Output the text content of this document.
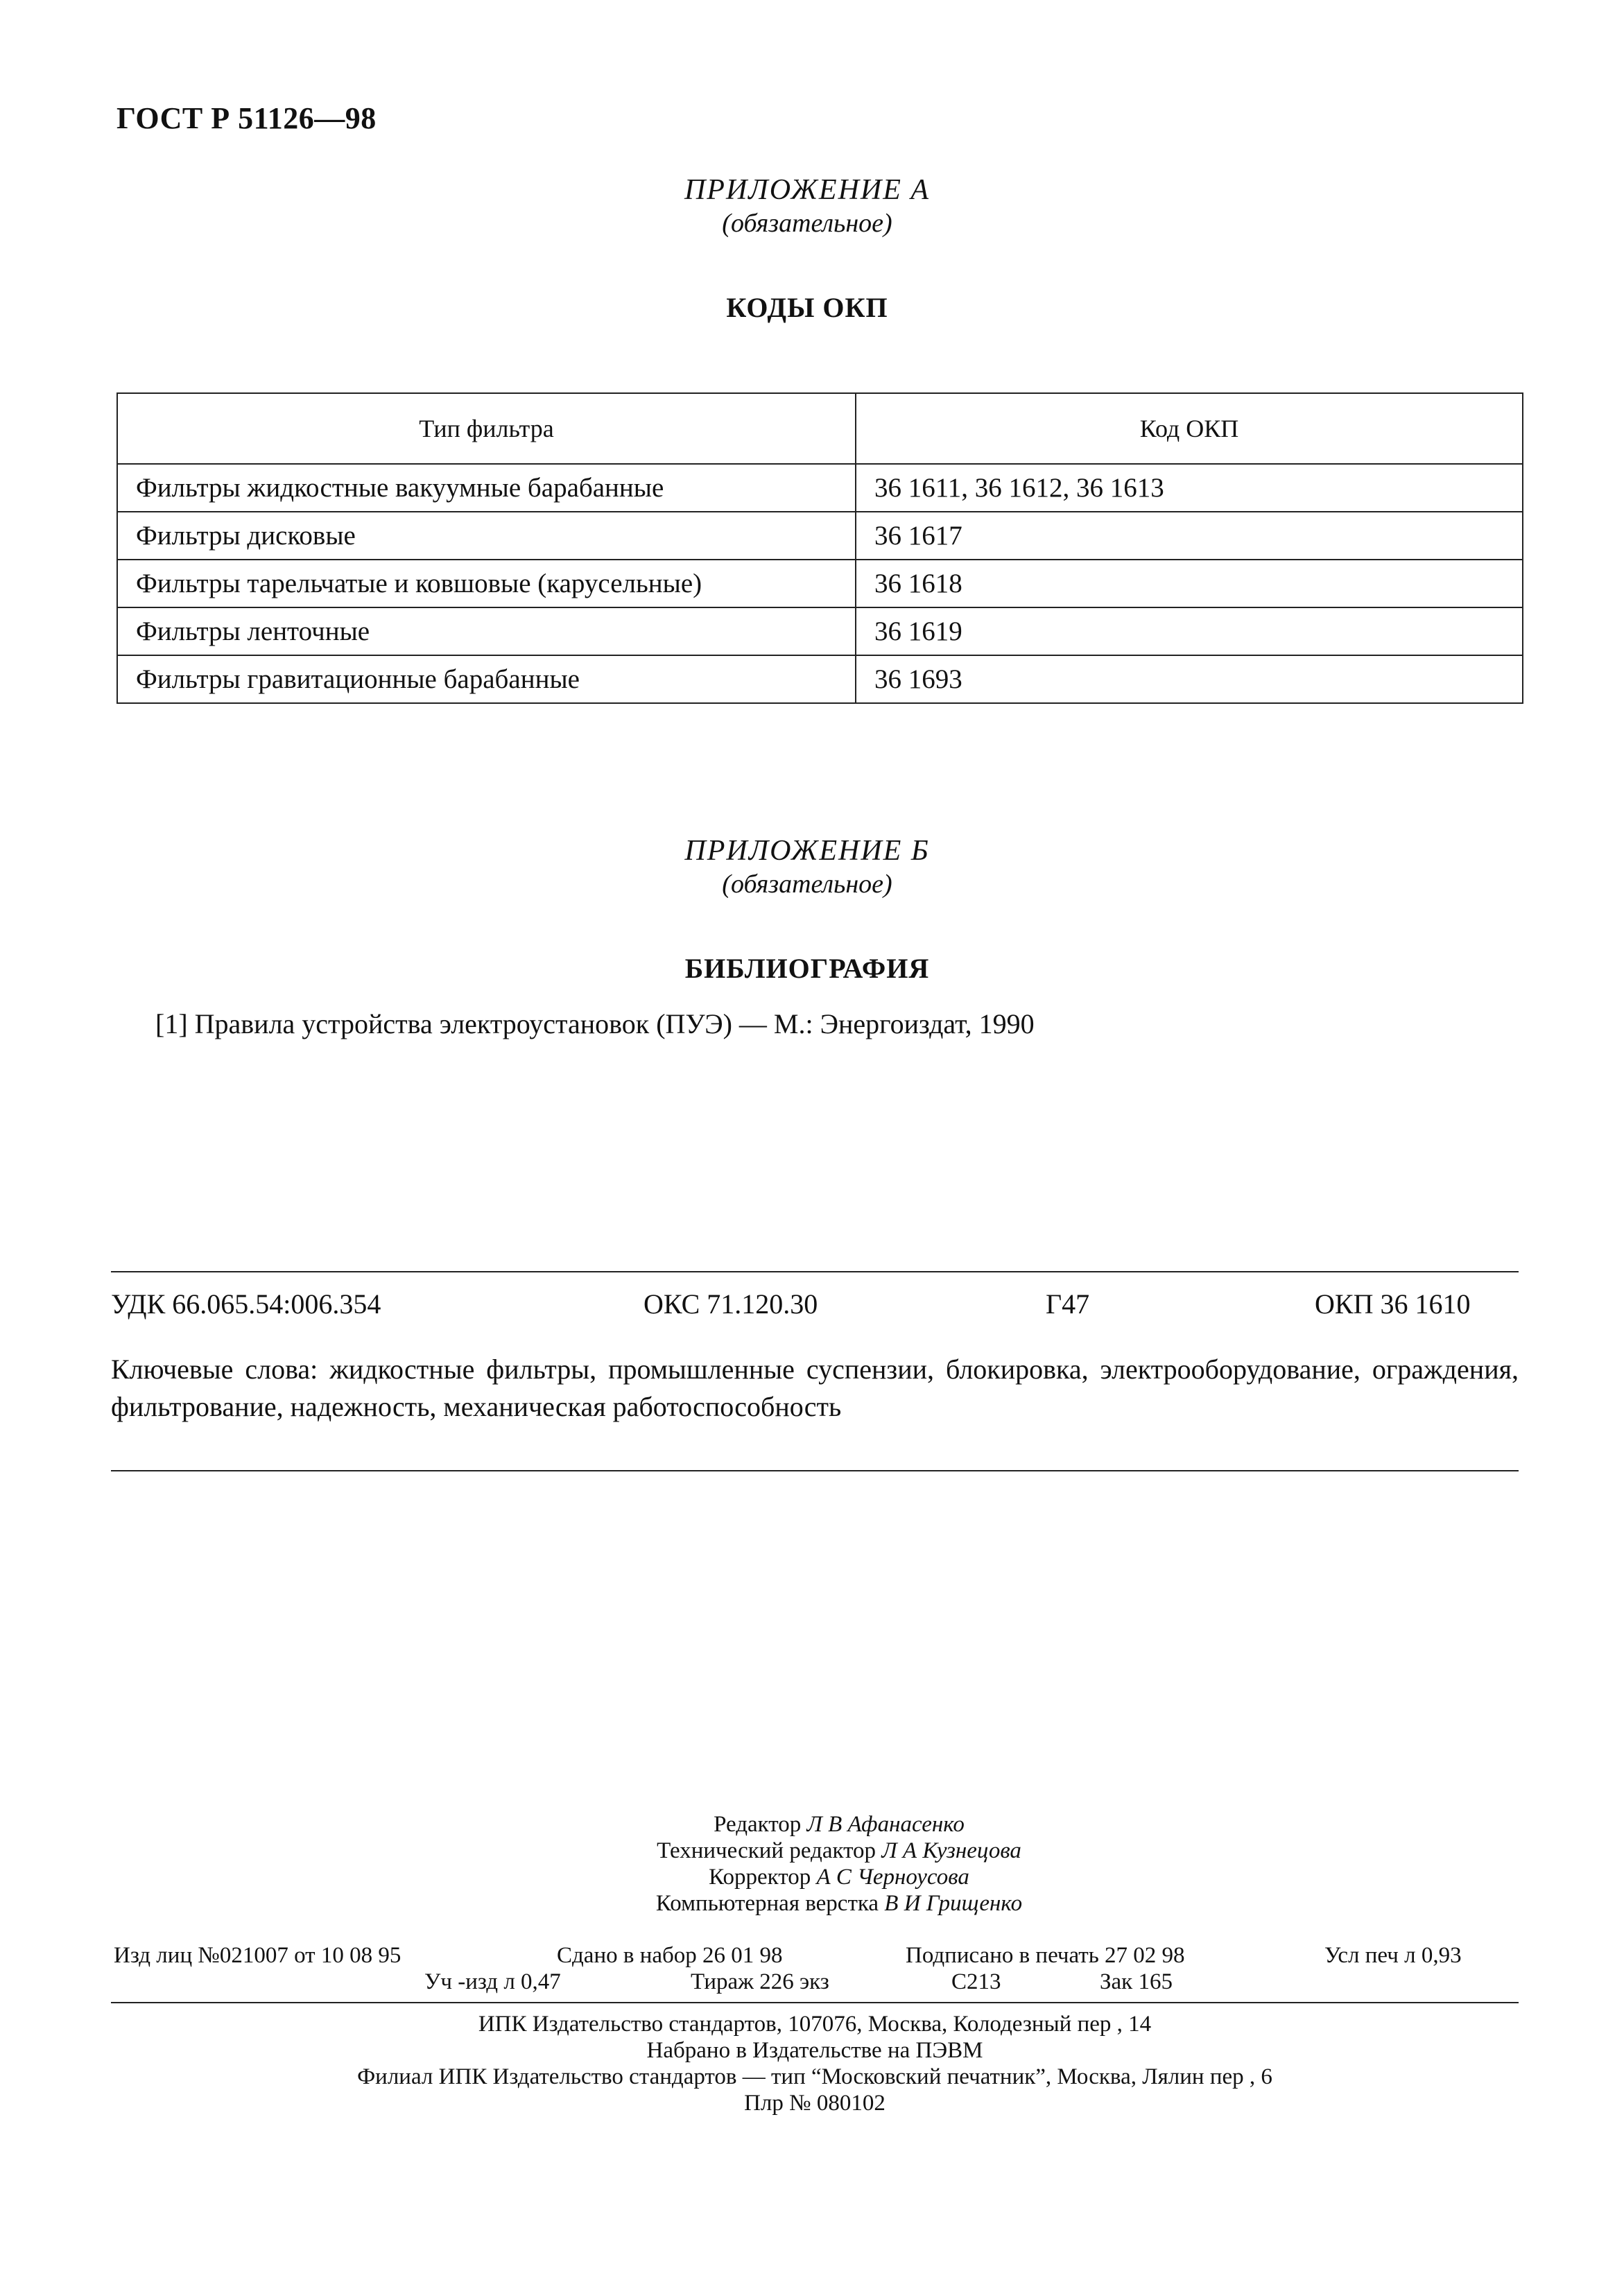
ГОСТ Р 51126—98
ПРИЛОЖЕНИЕ А
(обязательное)
КОДЫ ОКП
Тип фильтра	Код ОКП
Фильтры жидкостные вакуумные барабанные	36 1611, 36 1612, 36 1613
Фильтры дисковые	36 1617
Фильтры тарельчатые и ковшовые (карусельные)	36 1618
Фильтры ленточные	36 1619
Фильтры гравитационные барабанные	36 1693
ПРИЛОЖЕНИЕ Б
(обязательное)
БИБЛИОГРАФИЯ
[1] Правила устройства электроустановок (ПУЭ) — М.: Энергоиздат, 1990
УДК 66.065.54:006.354	ОКС 71.120.30	Г47	ОКП 36 1610
Ключевые слова: жидкостные фильтры, промышленные суспензии, блокировка, электрооборудование, ограждения, фильтрование, надежность, механическая работоспособность
Редактор Л В Афанасенко
Технический редактор Л А Кузнецова
Корректор А С Черноусова
Компьютерная верстка В И Грищенко
Изд лиц №021007 от 10 08 95	Сдано в набор 26 01 98	Подписано в печать 27 02 98	Усл печ л 0,93
Уч -изд л 0,47	Тираж 226 экз	С213	Зак 165
ИПК Издательство стандартов, 107076, Москва, Колодезный пер , 14
Набрано в Издательстве на ПЭВМ
Филиал ИПК Издательство стандартов — тип “Московский печатник”, Москва, Лялин пер , 6
Плр № 080102
